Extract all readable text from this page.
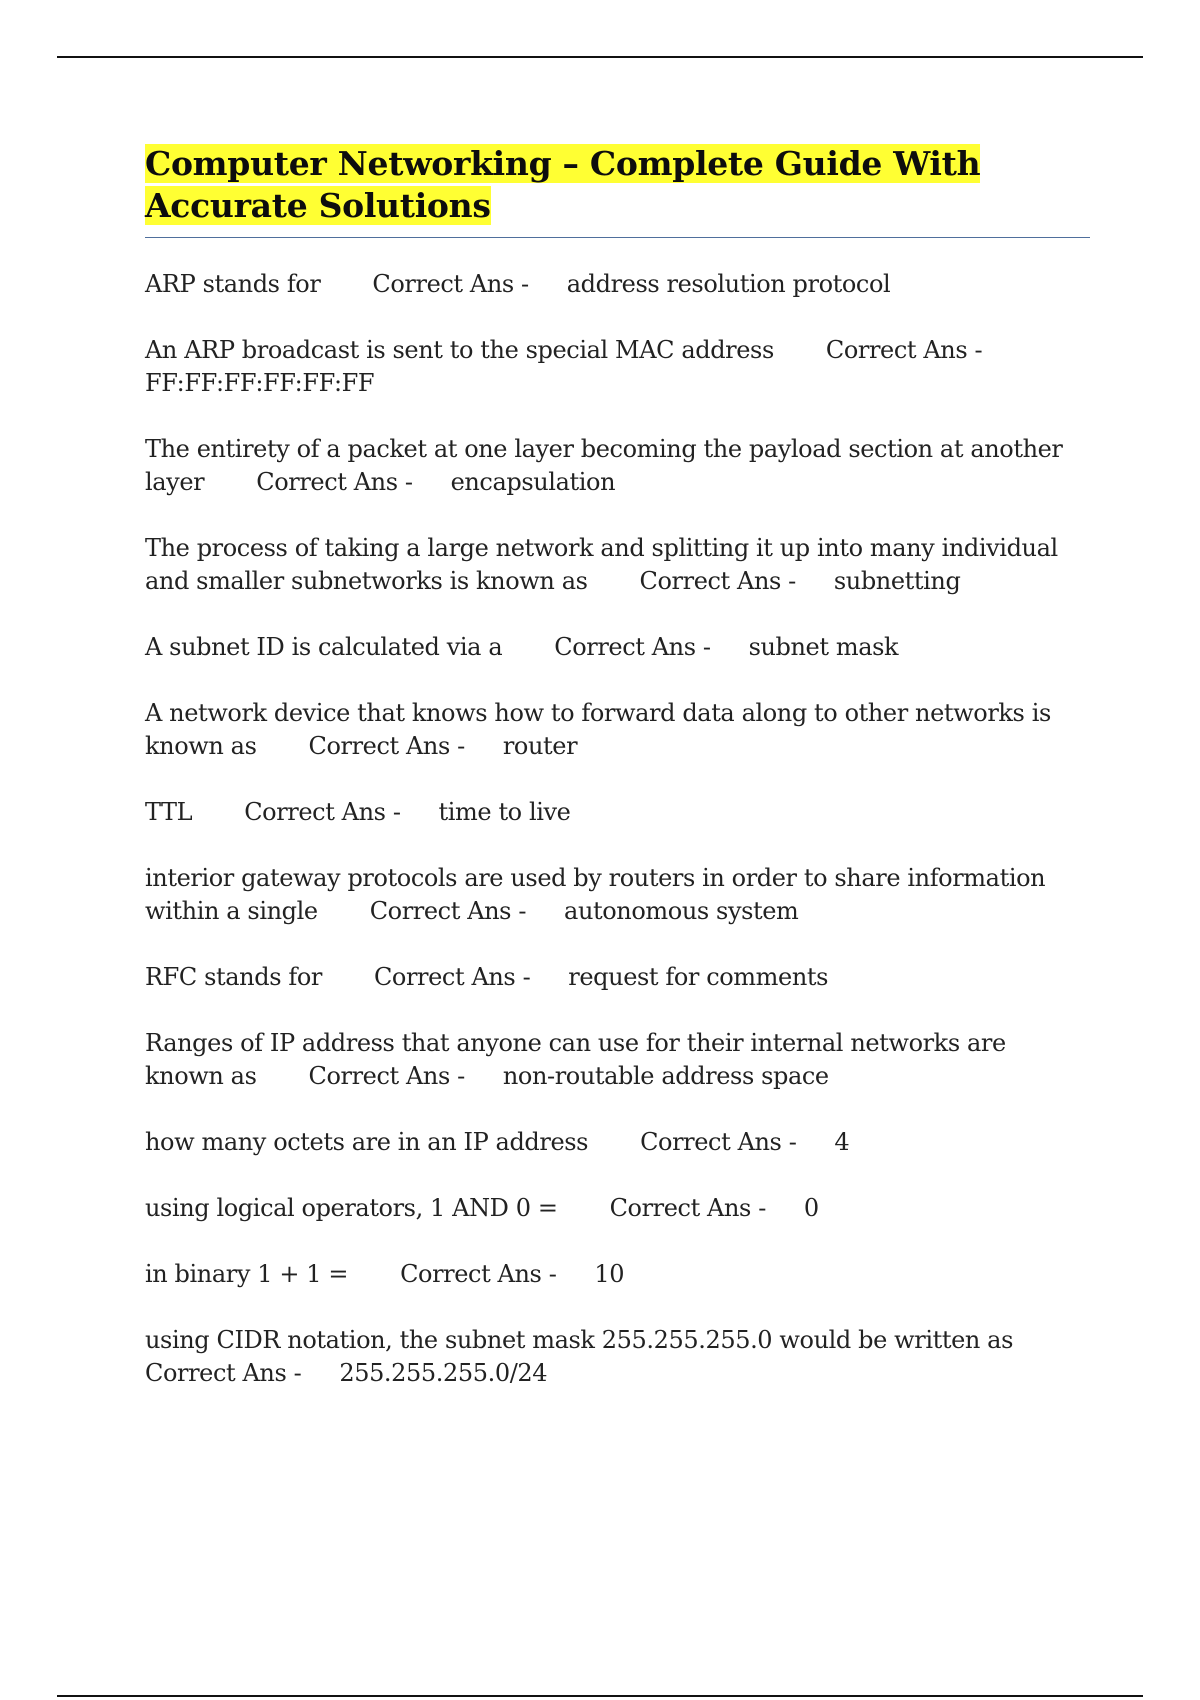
Computer Networking – Complete Guide With Accurate Solutions

ARP stands for Correct Ans - address resolution protocol

An ARP broadcast is sent to the special MAC address Correct Ans -
FF:FF:FF:FF:FF:FF

The entirety of a packet at one layer becoming the payload section at another layer Correct Ans - encapsulation

The process of taking a large network and splitting it up into many individual and smaller subnetworks is known as Correct Ans - subnetting

A subnet ID is calculated via a Correct Ans - subnet mask

A network device that knows how to forward data along to other networks is known as Correct Ans - router

TTL Correct Ans - time to live

interior gateway protocols are used by routers in order to share information within a single Correct Ans - autonomous system

RFC stands for Correct Ans - request for comments

Ranges of IP address that anyone can use for their internal networks are known as Correct Ans - non-routable address space

how many octets are in an IP address Correct Ans - 4

using logical operators, 1 AND 0 = Correct Ans - 0

in binary 1 + 1 = Correct Ans - 10

using CIDR notation, the subnet mask 255.255.255.0 would be written as
Correct Ans - 255.255.255.0/24
